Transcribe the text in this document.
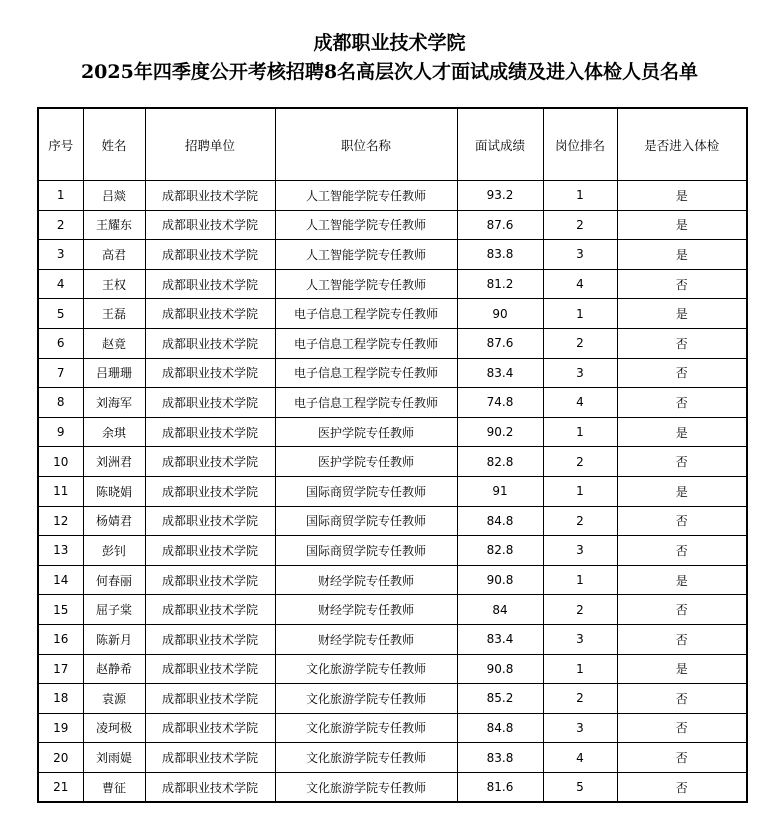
成都职业技术学院
2025年四季度公开考核招聘8名高层次人才面试成绩及进入体检人员名单
序号	姓名	招聘单位	职位名称	面试成绩	岗位排名	是否进入体检
1	吕燚	成都职业技术学院	人工智能学院专任教师	93.2	1	是
2	王耀东	成都职业技术学院	人工智能学院专任教师	87.6	2	是
3	高君	成都职业技术学院	人工智能学院专任教师	83.8	3	是
4	王权	成都职业技术学院	人工智能学院专任教师	81.2	4	否
5	王磊	成都职业技术学院	电子信息工程学院专任教师	90	1	是
6	赵竟	成都职业技术学院	电子信息工程学院专任教师	87.6	2	否
7	吕珊珊	成都职业技术学院	电子信息工程学院专任教师	83.4	3	否
8	刘海军	成都职业技术学院	电子信息工程学院专任教师	74.8	4	否
9	余琪	成都职业技术学院	医护学院专任教师	90.2	1	是
10	刘洲君	成都职业技术学院	医护学院专任教师	82.8	2	否
11	陈晓娟	成都职业技术学院	国际商贸学院专任教师	91	1	是
12	杨婧君	成都职业技术学院	国际商贸学院专任教师	84.8	2	否
13	彭钊	成都职业技术学院	国际商贸学院专任教师	82.8	3	否
14	何春丽	成都职业技术学院	财经学院专任教师	90.8	1	是
15	屈子棠	成都职业技术学院	财经学院专任教师	84	2	否
16	陈新月	成都职业技术学院	财经学院专任教师	83.4	3	否
17	赵静希	成都职业技术学院	文化旅游学院专任教师	90.8	1	是
18	袁源	成都职业技术学院	文化旅游学院专任教师	85.2	2	否
19	凌珂极	成都职业技术学院	文化旅游学院专任教师	84.8	3	否
20	刘雨媞	成都职业技术学院	文化旅游学院专任教师	83.8	4	否
21	曹征	成都职业技术学院	文化旅游学院专任教师	81.6	5	否
